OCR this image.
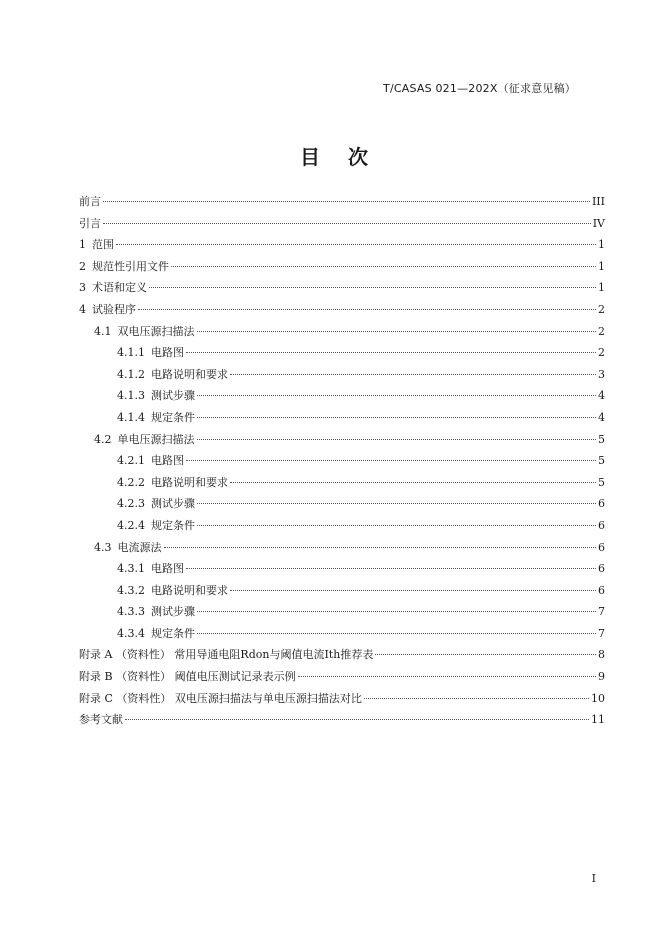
T/CASAS 021—202X（征求意见稿）
目次
前言	III
引言	IV
1 范围	1
2 规范性引用文件	1
3 术语和定义	1
4 试验程序	2
4.1 双电压源扫描法	2
4.1.1 电路图	2
4.1.2 电路说明和要求	3
4.1.3 测试步骤	4
4.1.4 规定条件	4
4.2 单电压源扫描法	5
4.2.1 电路图	5
4.2.2 电路说明和要求	5
4.2.3 测试步骤	6
4.2.4 规定条件	6
4.3 电流源法	6
4.3.1 电路图	6
4.3.2 电路说明和要求	6
4.3.3 测试步骤	7
4.3.4 规定条件	7
附录 A （资料性） 常用导通电阻Rdon与阈值电流Ith推荐表	8
附录 B （资料性） 阈值电压测试记录表示例	9
附录 C （资料性） 双电压源扫描法与单电压源扫描法对比	10
参考文献	11
I
